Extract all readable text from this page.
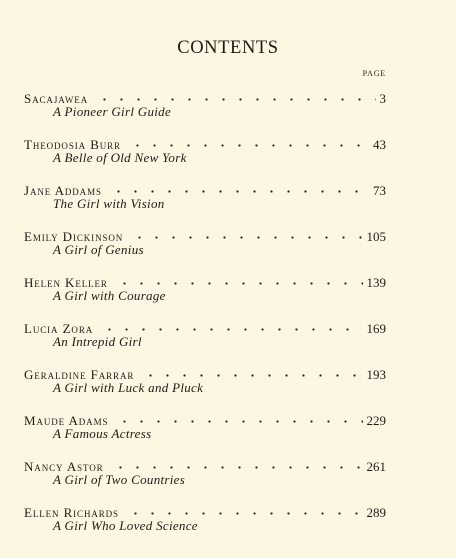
CONTENTS
PAGE
Sacajawea	3
A Pioneer Girl Guide
Theodosia Burr	43
A Belle of Old New York
Jane Addams	73
The Girl with Vision
Emily Dickinson	105
A Girl of Genius
Helen Keller	139
A Girl with Courage
Lucia Zora	169
An Intrepid Girl
Geraldine Farrar	193
A Girl with Luck and Pluck
Maude Adams	229
A Famous Actress
Nancy Astor	261
A Girl of Two Countries
Ellen Richards	289
A Girl Who Loved Science
